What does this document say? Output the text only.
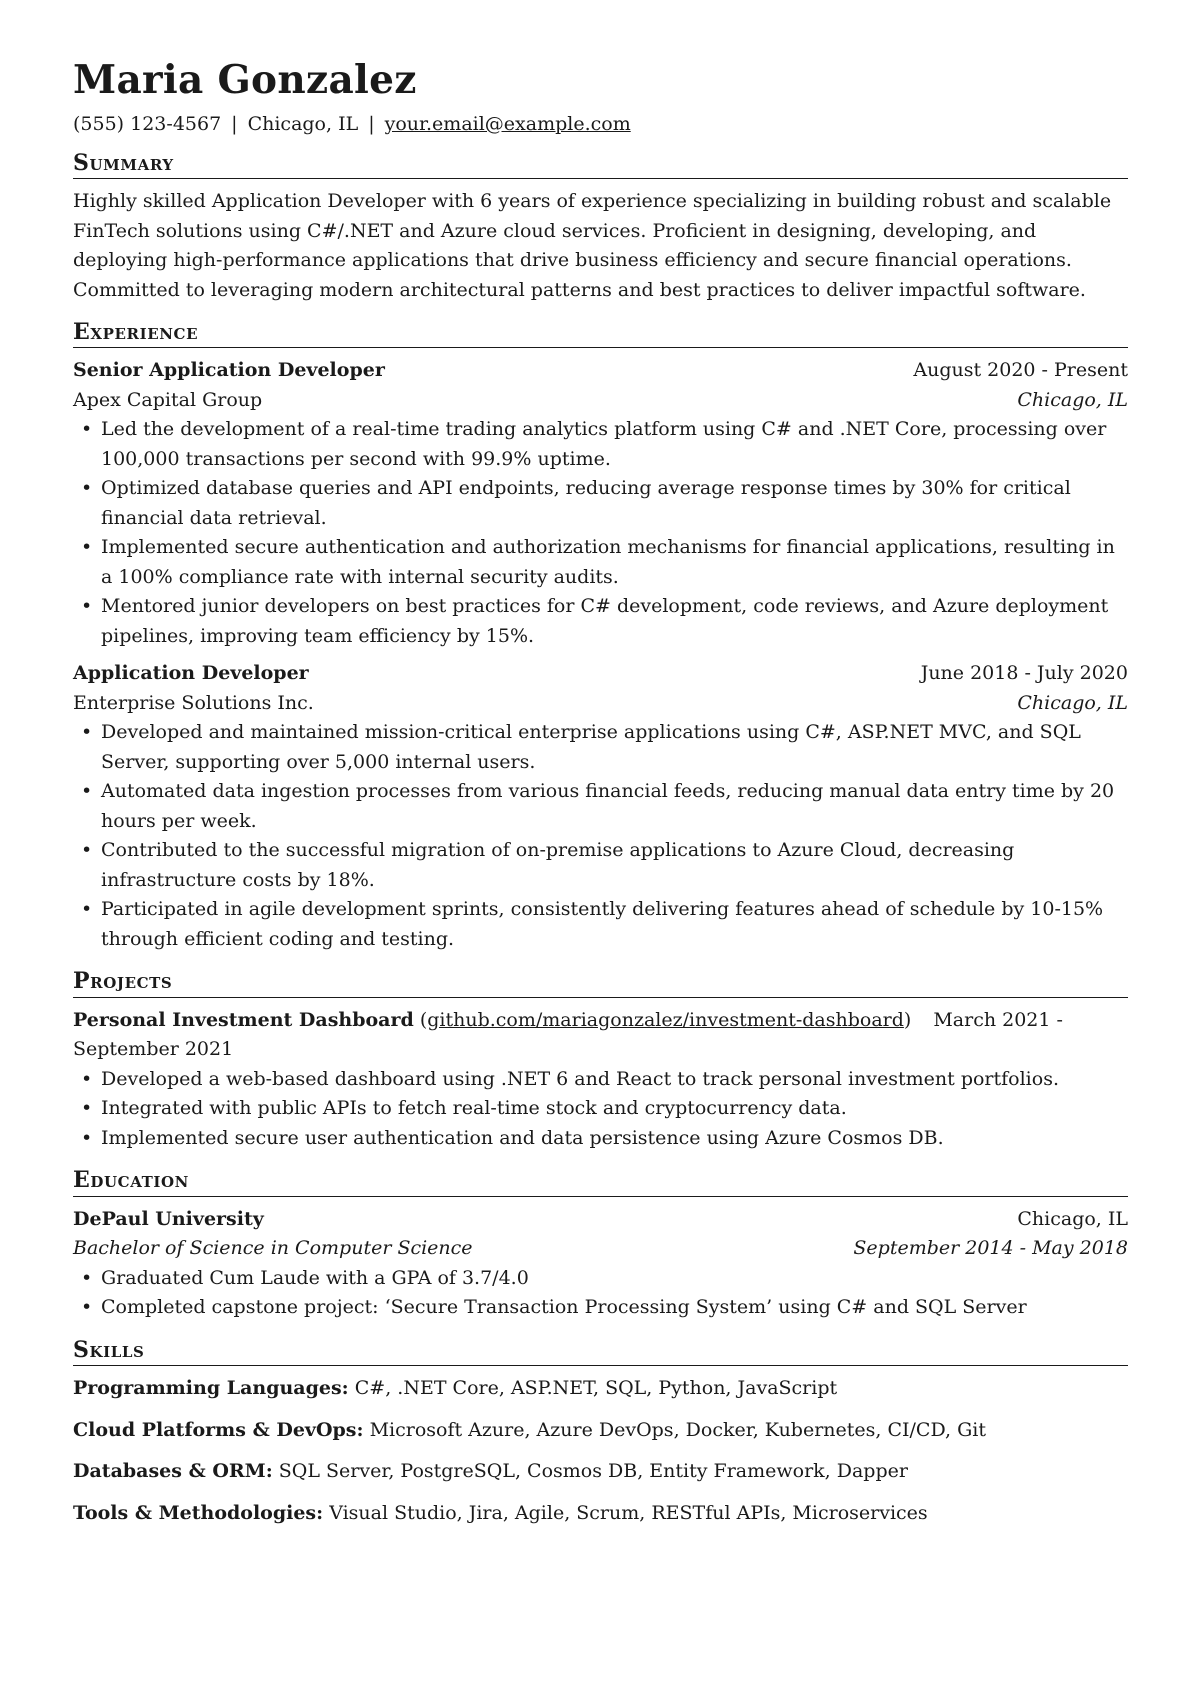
Maria Gonzalez
(555) 123-4567 | Chicago, IL | your.email@example.com
Summary
Highly skilled Application Developer with 6 years of experience specializing in building robust and scalable FinTech solutions using C#/.NET and Azure cloud services. Proficient in designing, developing, and deploying high-performance applications that drive business efficiency and secure financial operations. Committed to leveraging modern architectural patterns and best practices to deliver impactful software.
Experience
Senior Application Developer	August 2020 - Present
Apex Capital Group	Chicago, IL
• Led the development of a real-time trading analytics platform using C# and .NET Core, processing over 100,000 transactions per second with 99.9% uptime.
• Optimized database queries and API endpoints, reducing average response times by 30% for critical financial data retrieval.
• Implemented secure authentication and authorization mechanisms for financial applications, resulting in a 100% compliance rate with internal security audits.
• Mentored junior developers on best practices for C# development, code reviews, and Azure deployment pipelines, improving team efficiency by 15%.
Application Developer	June 2018 - July 2020
Enterprise Solutions Inc.	Chicago, IL
• Developed and maintained mission-critical enterprise applications using C#, ASP.NET MVC, and SQL Server, supporting over 5,000 internal users.
• Automated data ingestion processes from various financial feeds, reducing manual data entry time by 20 hours per week.
• Contributed to the successful migration of on-premise applications to Azure Cloud, decreasing infrastructure costs by 18%.
• Participated in agile development sprints, consistently delivering features ahead of schedule by 10-15% through efficient coding and testing.
Projects
Personal Investment Dashboard (github.com/mariagonzalez/investment-dashboard) March 2021 - September 2021
• Developed a web-based dashboard using .NET 6 and React to track personal investment portfolios.
• Integrated with public APIs to fetch real-time stock and cryptocurrency data.
• Implemented secure user authentication and data persistence using Azure Cosmos DB.
Education
DePaul University	Chicago, IL
Bachelor of Science in Computer Science	September 2014 - May 2018
• Graduated Cum Laude with a GPA of 3.7/4.0
• Completed capstone project: ‘Secure Transaction Processing System’ using C# and SQL Server
Skills
Programming Languages: C#, .NET Core, ASP.NET, SQL, Python, JavaScript
Cloud Platforms & DevOps: Microsoft Azure, Azure DevOps, Docker, Kubernetes, CI/CD, Git
Databases & ORM: SQL Server, PostgreSQL, Cosmos DB, Entity Framework, Dapper
Tools & Methodologies: Visual Studio, Jira, Agile, Scrum, RESTful APIs, Microservices
